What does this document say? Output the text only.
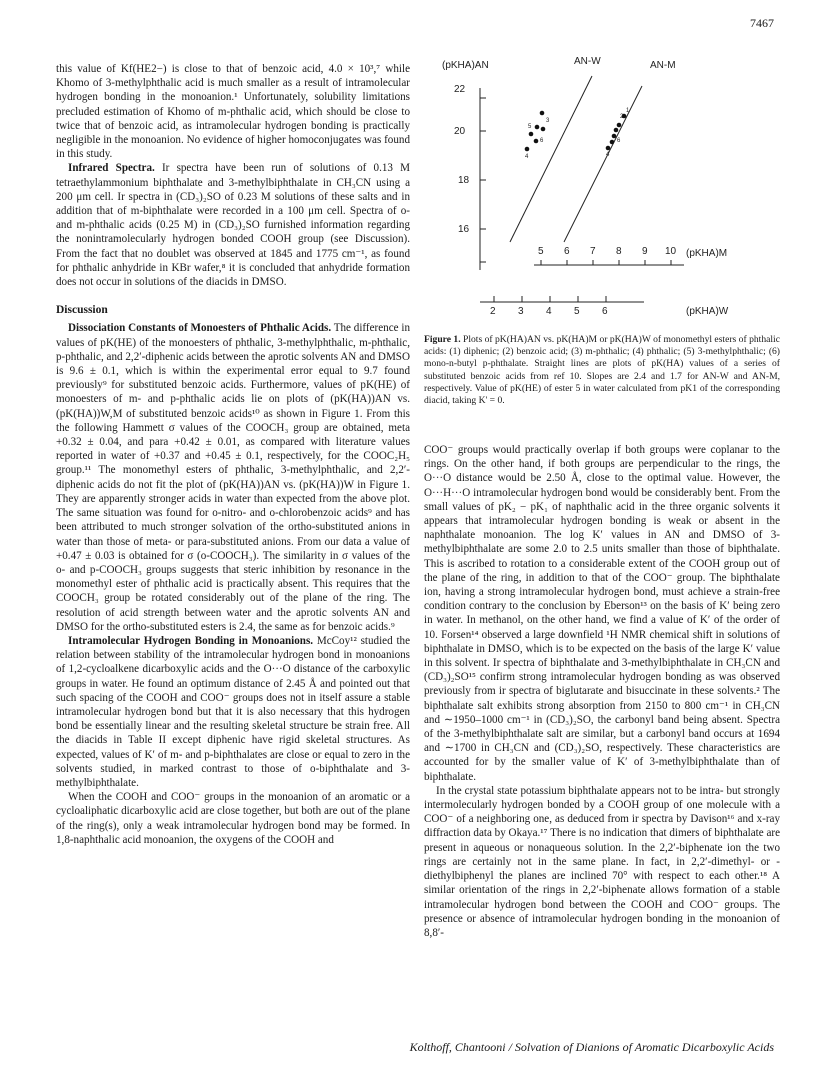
7467

this value of Kf(HE2−) is close to that of benzoic acid, 4.0 × 10³,⁷ while Khomo of 3-methylphthalic acid is much smaller as a result of intramolecular hydrogen bonding in the monoanion.¹ Unfortunately, solubility limitations precluded estimation of Khomo of m-phthalic acid, which should be close to twice that of benzoic acid, as intramolecular hydrogen bonding is practically negligible in the monoanion. No evidence of higher homoconjugates was found in this study.

Infrared Spectra. Ir spectra have been run of solutions of 0.13 M tetraethylammonium biphthalate and 3-methylbiphthalate in CH₃CN using a 200 μm cell. Ir spectra in (CD₃)₂SO of 0.23 M solutions of these salts and in addition that of m-biphthalate were recorded in a 100 μm cell. Spectra of o- and m-phthalic acids (0.25 M) in (CD₃)₂SO furnished information regarding the nonintramolecularly hydrogen bonded COOH group (see Discussion). From the fact that no doublet was observed at 1845 and 1775 cm⁻¹, as found for phthalic anhydride in KBr wafer,⁸ it is concluded that anhydride formation does not occur in solutions of the diacids in DMSO.

Discussion

Dissociation Constants of Monoesters of Phthalic Acids. The difference in values of pK(HE) of the monoesters of phthalic, 3-methylphthalic, m-phthalic, p-phthalic, and 2,2′-diphenic acids between the aprotic solvents AN and DMSO is 9.6 ± 0.1, which is within the experimental error equal to 9.7 found previously⁹ for substituted benzoic acids. Furthermore, values of pK(HE) of monoesters of m- and p-phthalic acids lie on plots of (pK(HA))AN vs. (pK(HA))W,M of substituted benzoic acids¹⁰ as shown in Figure 1. From this the following Hammett σ values of the COOCH₃ group are obtained, meta +0.32 ± 0.04, and para +0.42 ± 0.01, as compared with literature values reported in water of +0.37 and +0.45 ± 0.1, respectively, for the COOC₂H₅ group.¹¹ The monomethyl esters of phthalic, 3-methylphthalic, and 2,2′-diphenic acids do not fit the plot of (pK(HA))AN vs. (pK(HA))W in Figure 1. They are apparently stronger acids in water than expected from the above plot. The same situation was found for o-nitro- and o-chlorobenzoic acids⁹ and has been attributed to much stronger solvation of the ortho-substituted anions in water than those of meta- or para-substituted anions. From our data a value of +0.47 ± 0.03 is obtained for σ (o-COOCH₃). The similarity in σ values of the o- and p-COOCH₃ groups suggests that steric inhibition by resonance in the monomethyl ester of phthalic acid is practically absent. This requires that the COOCH₃ group be rotated considerably out of the plane of the ring. The resolution of acid strength between water and the aprotic solvents AN and DMSO for the ortho-substituted esters is 2.4, the same as for benzoic acids.⁹

Intramolecular Hydrogen Bonding in Monoanions. McCoy¹² studied the relation between stability of the intramolecular hydrogen bond in monoanions of 1,2-cycloalkene dicarboxylic acids and the O···O distance of the carboxylic groups in water. He found an optimum distance of 2.45 Å and pointed out that such spacing of the COOH and COO⁻ groups does not in itself assure a stable intramolecular hydrogen bond but that it is also necessary that this hydrogen bond be essentially linear and the resulting skeletal structure be strain free. All the diacids in Table II except diphenic have rigid skeletal structures. As expected, values of K′ of m- and p-biphthalates are close or equal to zero in the solvents studied, in marked contrast to those of o-biphthalate and 3-methylbiphthalate.

When the COOH and COO⁻ groups in the monoanion of an aromatic or a cycloaliphatic dicarboxylic acid are close together, but both are out of the plane of the ring(s), only a weak intramolecular hydrogen bond may be formed. In 1,8-naphthalic acid monoanion, the oxygens of the COOH and

22
20
18
16
(pKHA)AN	AN-W	AN-M
3
5
6
4
1
2
6
4
5 6 7 8 9 10 (pKHA)M
2 3 4 5 6	(pKHA)W
Figure 1. Plots of pK(HA)AN vs. pK(HA)M or pK(HA)W of monomethyl esters of phthalic acids: (1) diphenic; (2) benzoic acid; (3) m-phthalic; (4) phthalic; (5) 3-methylphthalic; (6) mono-n-butyl p-phthalate. Straight lines are plots of pK(HA) values of a series of substituted benzoic acids from ref 10. Slopes are 2.4 and 1.7 for AN-W and AN-M, respectively. Value of pK(HE) of ester 5 in water calculated from pK1 of the corresponding diacid, taking K' = 0.

COO⁻ groups would practically overlap if both groups were coplanar to the rings. On the other hand, if both groups are perpendicular to the rings, the O···O distance would be 2.50 Å, close to the optimal value. However, the O···H···O intramolecular hydrogen bond would be considerably bent. From the small values of pK₂ − pK₁ of naphthalic acid in the three organic solvents it appears that intramolecular hydrogen bonding is weak or absent in the naphthalate monoanion. The log K′ values in AN and DMSO of 3-methylbiphthalate are some 2.0 to 2.5 units smaller than those of biphthalate. This is ascribed to rotation to a considerable extent of the COOH group out of the plane of the ring, in addition to that of the COO⁻ group. The biphthalate ion, having a strong intramolecular hydrogen bond, must achieve a strain-free condition contrary to the conclusion by Eberson¹³ on the basis of K′ being zero in water. In methanol, on the other hand, we find a value of K′ of the order of 10. Forsen¹⁴ observed a large downfield ¹H NMR chemical shift in solutions of biphthalate in DMSO, which is to be expected on the basis of the large K′ value in this solvent. Ir spectra of biphthalate and 3-methylbiphthalate in CH₃CN and (CD₃)₂SO¹⁵ confirm strong intramolecular hydrogen bonding as was observed previously from ir spectra of biglutarate and bisuccinate in these solvents.² The biphthalate salt exhibits strong absorption from 2150 to 800 cm⁻¹ in CH₃CN and ∼1950–1000 cm⁻¹ in (CD₃)₂SO, the carbonyl band being absent. Spectra of the 3-methylbiphthalate salt are similar, but a carbonyl band occurs at 1694 and ∼1700 in CH₃CN and (CD₃)₂SO, respectively. These characteristics are accounted for by the smaller value of K′ of 3-methylbiphthalate than of biphthalate.

In the crystal state potassium biphthalate appears not to be intra- but strongly intermolecularly hydrogen bonded by a COOH group of one molecule with a COO⁻ of a neighboring one, as deduced from ir spectra by Davison¹⁶ and x-ray diffraction data by Okaya.¹⁷ There is no indication that dimers of biphthalate are present in aqueous or nonaqueous solution. In the 2,2′-biphenate ion the two rings are certainly not in the same plane. In fact, in 2,2′-dimethyl- or -diethylbiphenyl the planes are inclined 70° with respect to each other.¹⁸ A similar orientation of the rings in 2,2′-biphenate allows formation of a stable intramolecular hydrogen bond between the COOH and COO⁻ groups. The presence or absence of intramolecular hydrogen bonding in the monoanion of 8,8′-

Kolthoff, Chantooni / Solvation of Dianions of Aromatic Dicarboxylic Acids
